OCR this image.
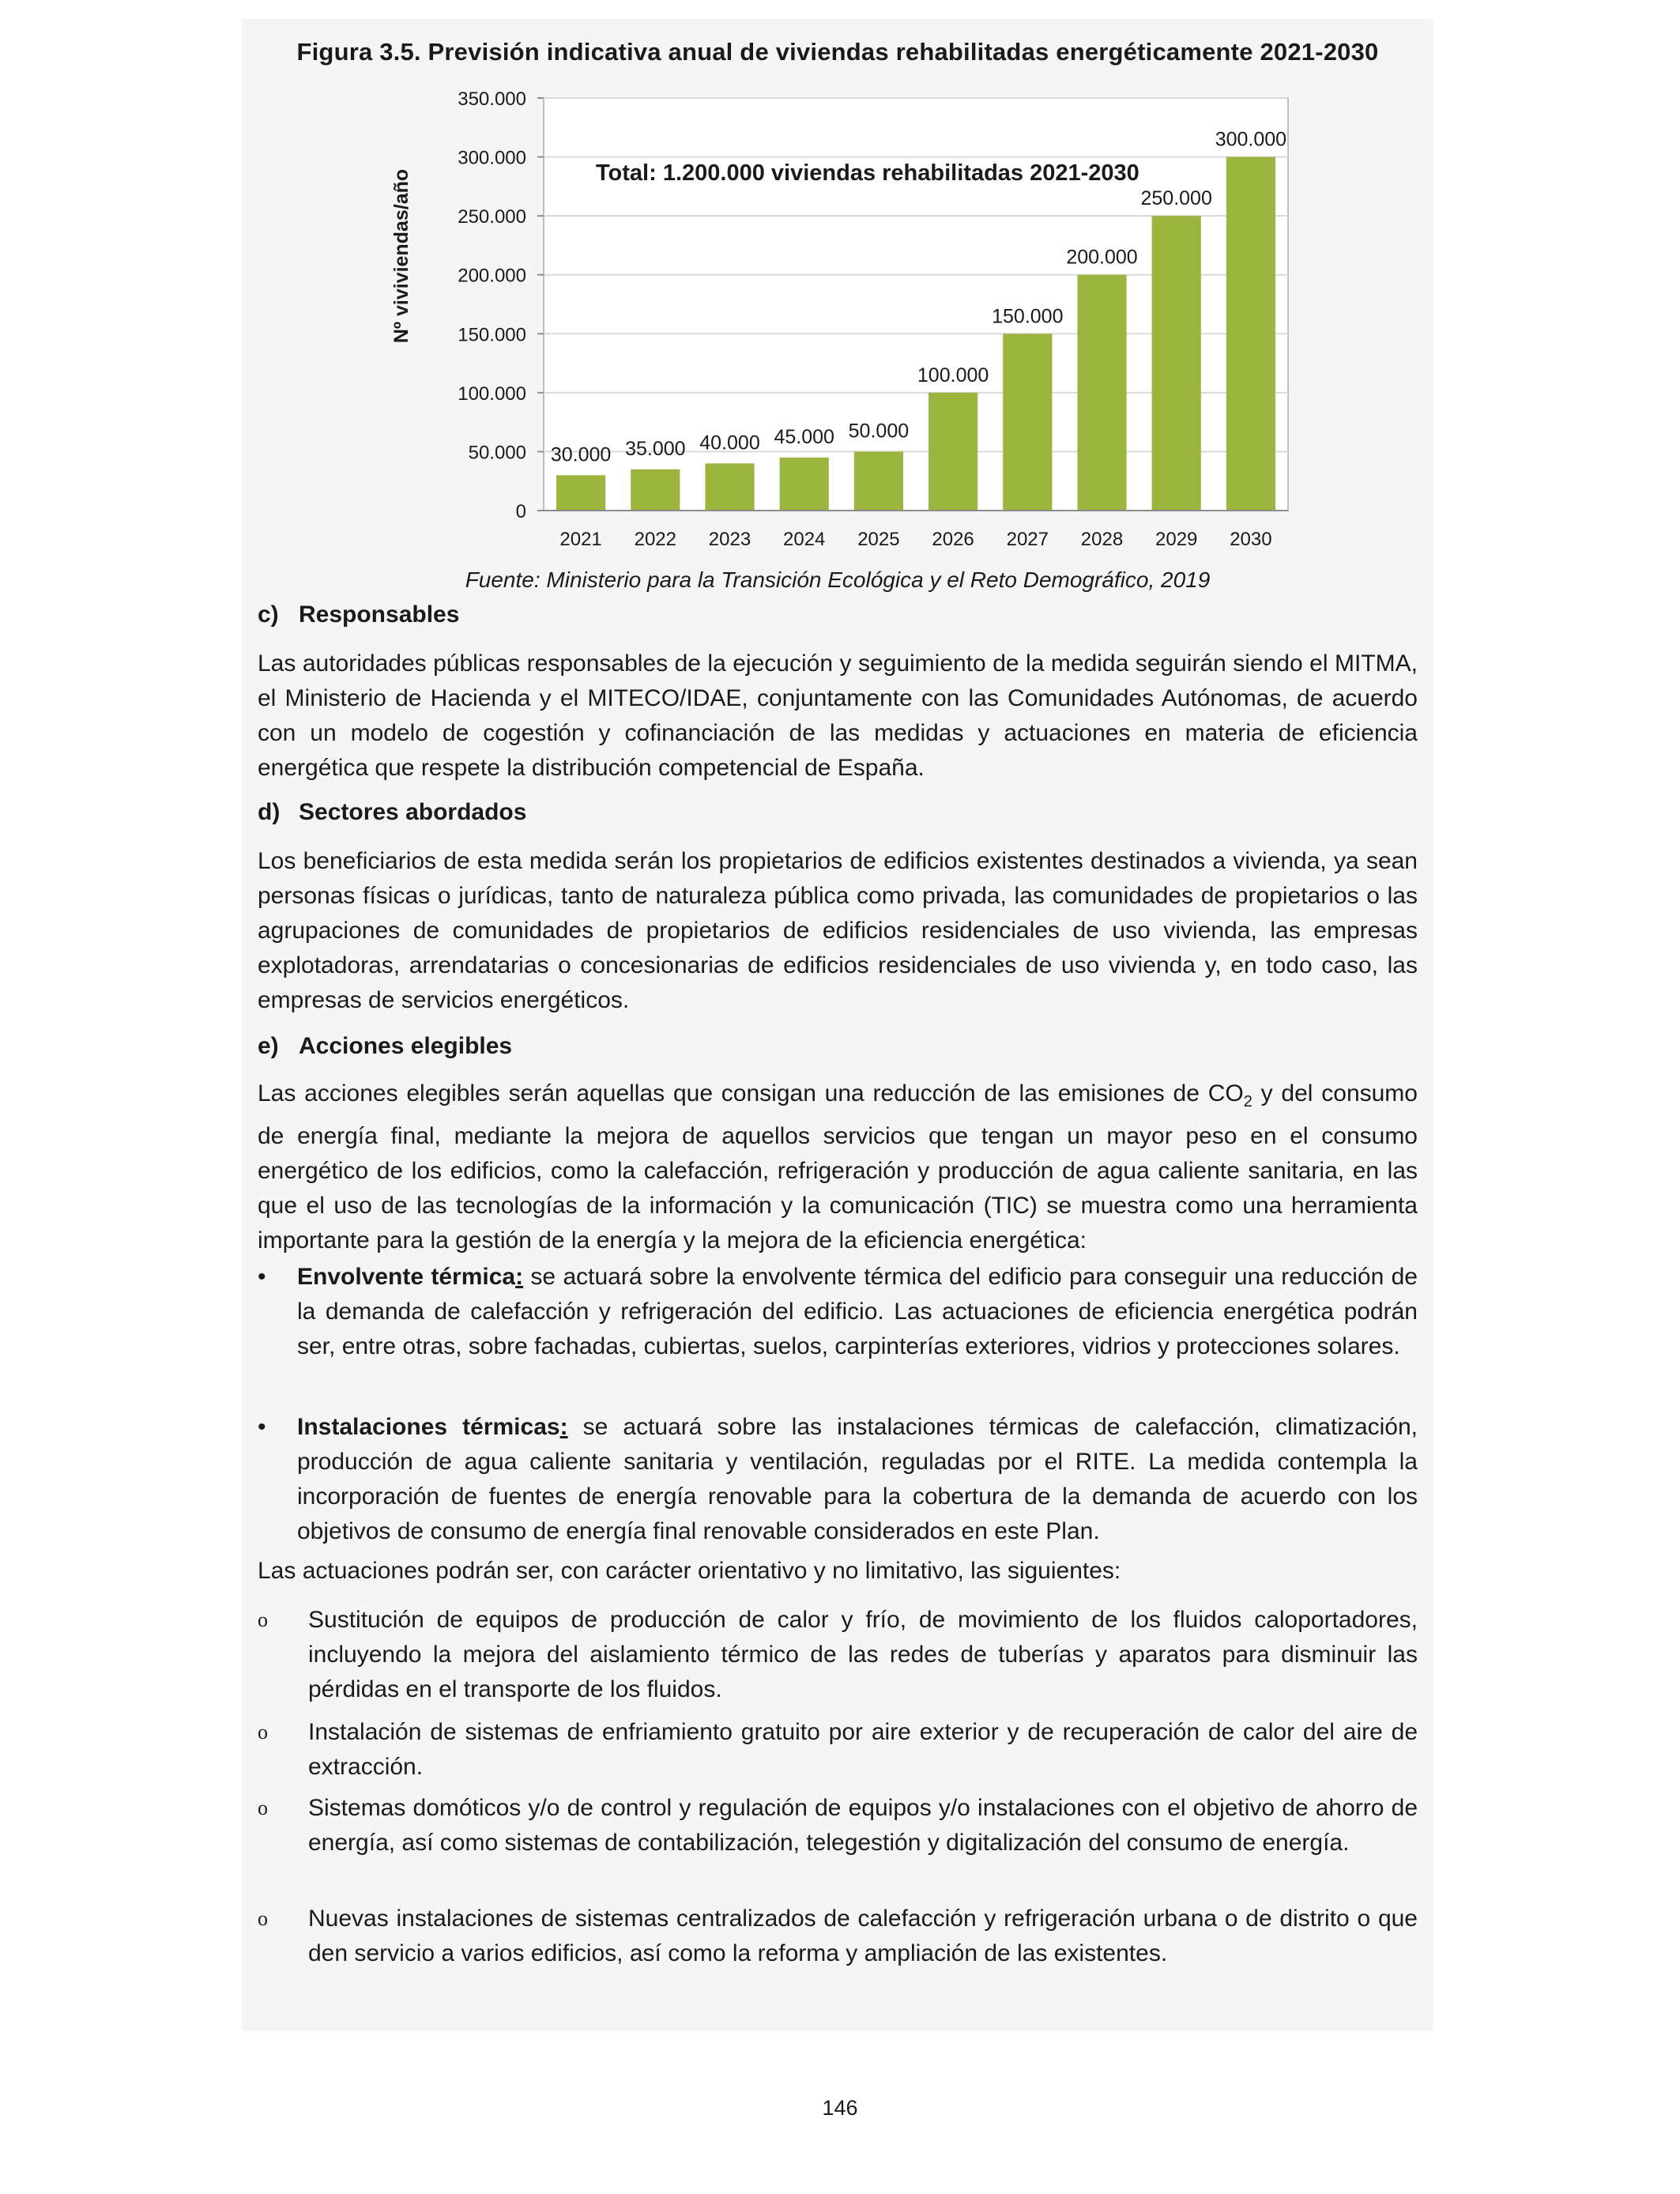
Figura 3.5. Previsión indicativa anual de viviendas rehabilitadas energéticamente 2021-2030
0
50.000
100.000
150.000
200.000
250.000
300.000
350.000
30.000
2021
35.000
2022
40.000
2023
45.000
2024
50.000
2025
100.000
2026
150.000
2027
200.000
2028
250.000
2029
300.000
2030
Nº viviviendas/año	Total: 1.200.000 viviendas rehabilitadas 2021-2030
Fuente: Ministerio para la Transición Ecológica y el Reto Demográfico, 2019
c) Responsables
Las autoridades públicas responsables de la ejecución y seguimiento de la medida seguirán siendo el MITMA, el Ministerio de Hacienda y el MITECO/IDAE, conjuntamente con las Comunidades Autónomas, de acuerdo con un modelo de cogestión y cofinanciación de las medidas y actuaciones en materia de eficiencia energética que respete la distribución competencial de España.
d) Sectores abordados
Los beneficiarios de esta medida serán los propietarios de edificios existentes destinados a vivienda, ya sean personas físicas o jurídicas, tanto de naturaleza pública como privada, las comunidades de propietarios o las agrupaciones de comunidades de propietarios de edificios residenciales de uso vivienda, las empresas explotadoras, arrendatarias o concesionarias de edificios residenciales de uso vivienda y, en todo caso, las empresas de servicios energéticos.
e) Acciones elegibles
Las acciones elegibles serán aquellas que consigan una reducción de las emisiones de $CO_2$ y del consumo de energía final, mediante la mejora de aquellos servicios que tengan un mayor peso en el consumo energético de los edificios, como la calefacción, refrigeración y producción de agua caliente sanitaria, en las que el uso de las tecnologías de la información y la comunicación (TIC) se muestra como una herramienta importante para la gestión de la energía y la mejora de la eficiencia energética:
•	Envolvente térmica: se actuará sobre la envolvente térmica del edificio para conseguir una reducción de la demanda de calefacción y refrigeración del edificio. Las actuaciones de eficiencia energética podrán ser, entre otras, sobre fachadas, cubiertas, suelos, carpinterías exteriores, vidrios y protecciones solares.
•	Instalaciones térmicas: se actuará sobre las instalaciones térmicas de calefacción, climatización, producción de agua caliente sanitaria y ventilación, reguladas por el RITE. La medida contempla la incorporación de fuentes de energía renovable para la cobertura de la demanda de acuerdo con los objetivos de consumo de energía final renovable considerados en este Plan.
Las actuaciones podrán ser, con carácter orientativo y no limitativo, las siguientes:
o	Sustitución de equipos de producción de calor y frío, de movimiento de los fluidos caloportadores, incluyendo la mejora del aislamiento térmico de las redes de tuberías y aparatos para disminuir las pérdidas en el transporte de los fluidos.
o	Instalación de sistemas de enfriamiento gratuito por aire exterior y de recuperación de calor del aire de extracción.
o	Sistemas domóticos y/o de control y regulación de equipos y/o instalaciones con el objetivo de ahorro de energía, así como sistemas de contabilización, telegestión y digitalización del consumo de energía.
o	Nuevas instalaciones de sistemas centralizados de calefacción y refrigeración urbana o de distrito o que den servicio a varios edificios, así como la reforma y ampliación de las existentes.
146
